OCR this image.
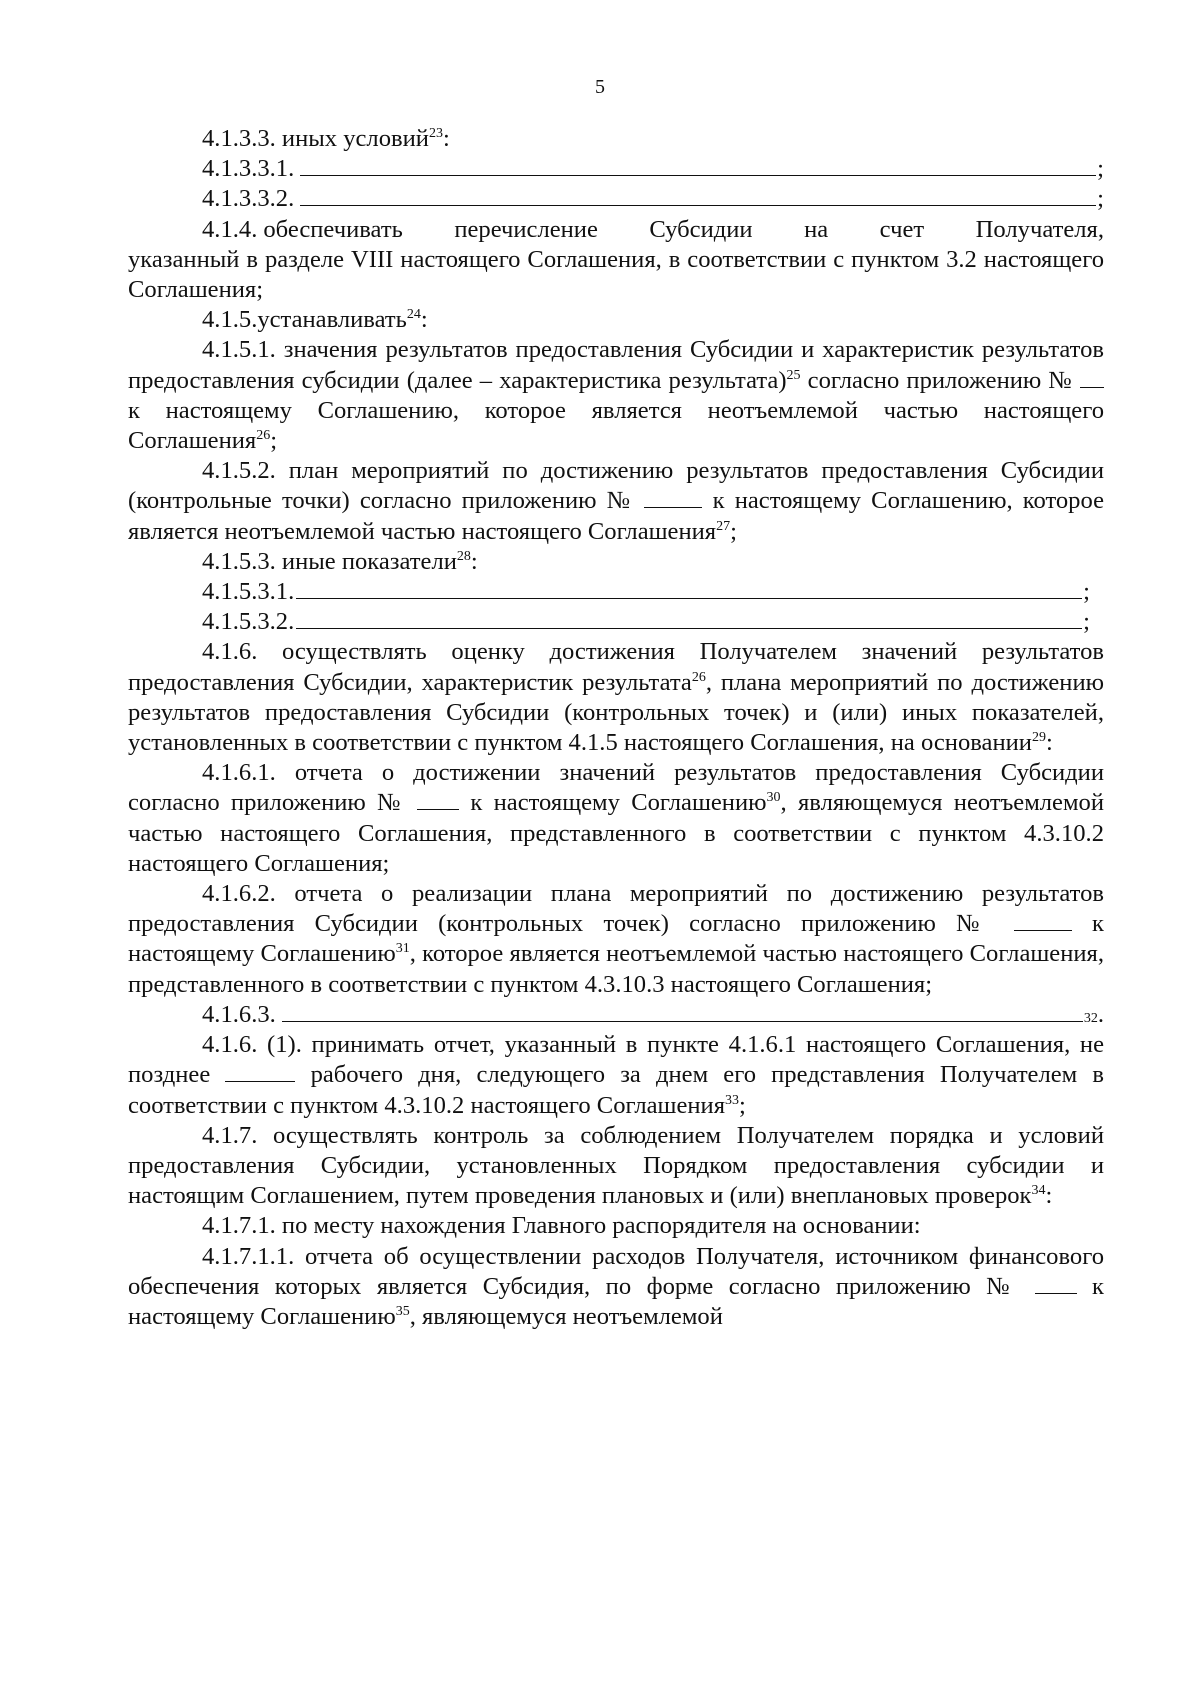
5

4.1.3.3. иных условий$^{23}$:

4.1.3.3.1.	;
4.1.3.3.2.	;
4.1.4. обеспечивать перечисление Субсидии на счет Получателя,

указанный в разделе VIII настоящего Соглашения, в соответствии с пунктом 3.2 настоящего Соглашения;

4.1.5.устанавливать$^{24}$:

4.1.5.1. значения результатов предоставления Субсидии и характеристик результатов предоставления субсидии (далее – характеристика результата)$^{25}$ согласно приложению №  к настоящему Соглашению, которое является неотъемлемой частью настоящего Соглашения$^{26}$;

4.1.5.2. план мероприятий по достижению результатов предоставления Субсидии (контрольные точки) согласно приложению №  к настоящему Соглашению, которое является неотъемлемой частью настоящего Соглашения$^{27}$;

4.1.5.3. иные показатели$^{28}$:

4.1.5.3.1.	;
4.1.5.3.2.	;

4.1.6. осуществлять оценку достижения Получателем значений результатов предоставления Субсидии, характеристик результата$^{26}$, плана мероприятий по достижению результатов предоставления Субсидии (контрольных точек) и (или) иных показателей, установленных в соответствии с пунктом 4.1.5 настоящего Соглашения, на основании$^{29}$:

4.1.6.1. отчета о достижении значений результатов предоставления Субсидии согласно приложению №  к настоящему Соглашению$^{30}$, являющемуся неотъемлемой частью настоящего Соглашения, представленного в соответствии с пунктом 4.3.10.2 настоящего Соглашения;

4.1.6.2. отчета о реализации плана мероприятий по достижению результатов предоставления Субсидии (контрольных точек) согласно приложению №  к настоящему Соглашению$^{31}$, которое является неотъемлемой частью настоящего Соглашения, представленного в соответствии с пунктом 4.3.10.3 настоящего Соглашения;

4.1.6.3.	32 .

4.1.6. (1). принимать отчет, указанный в пункте 4.1.6.1 настоящего Соглашения, не позднее	рабочего дня, следующего за днем его представления Получателем в соответствии с пунктом 4.3.10.2 настоящего Соглашения$^{33}$;

4.1.7. осуществлять контроль за соблюдением Получателем порядка и условий предоставления Субсидии, установленных Порядком предоставления субсидии и настоящим Соглашением, путем проведения плановых и (или) внеплановых проверок$^{34}$:

4.1.7.1. по месту нахождения Главного распорядителя на основании:

4.1.7.1.1. отчета об осуществлении расходов Получателя, источником финансового обеспечения которых является Субсидия, по форме согласно приложению №  к настоящему Соглашению$^{35}$, являющемуся неотъемлемой
